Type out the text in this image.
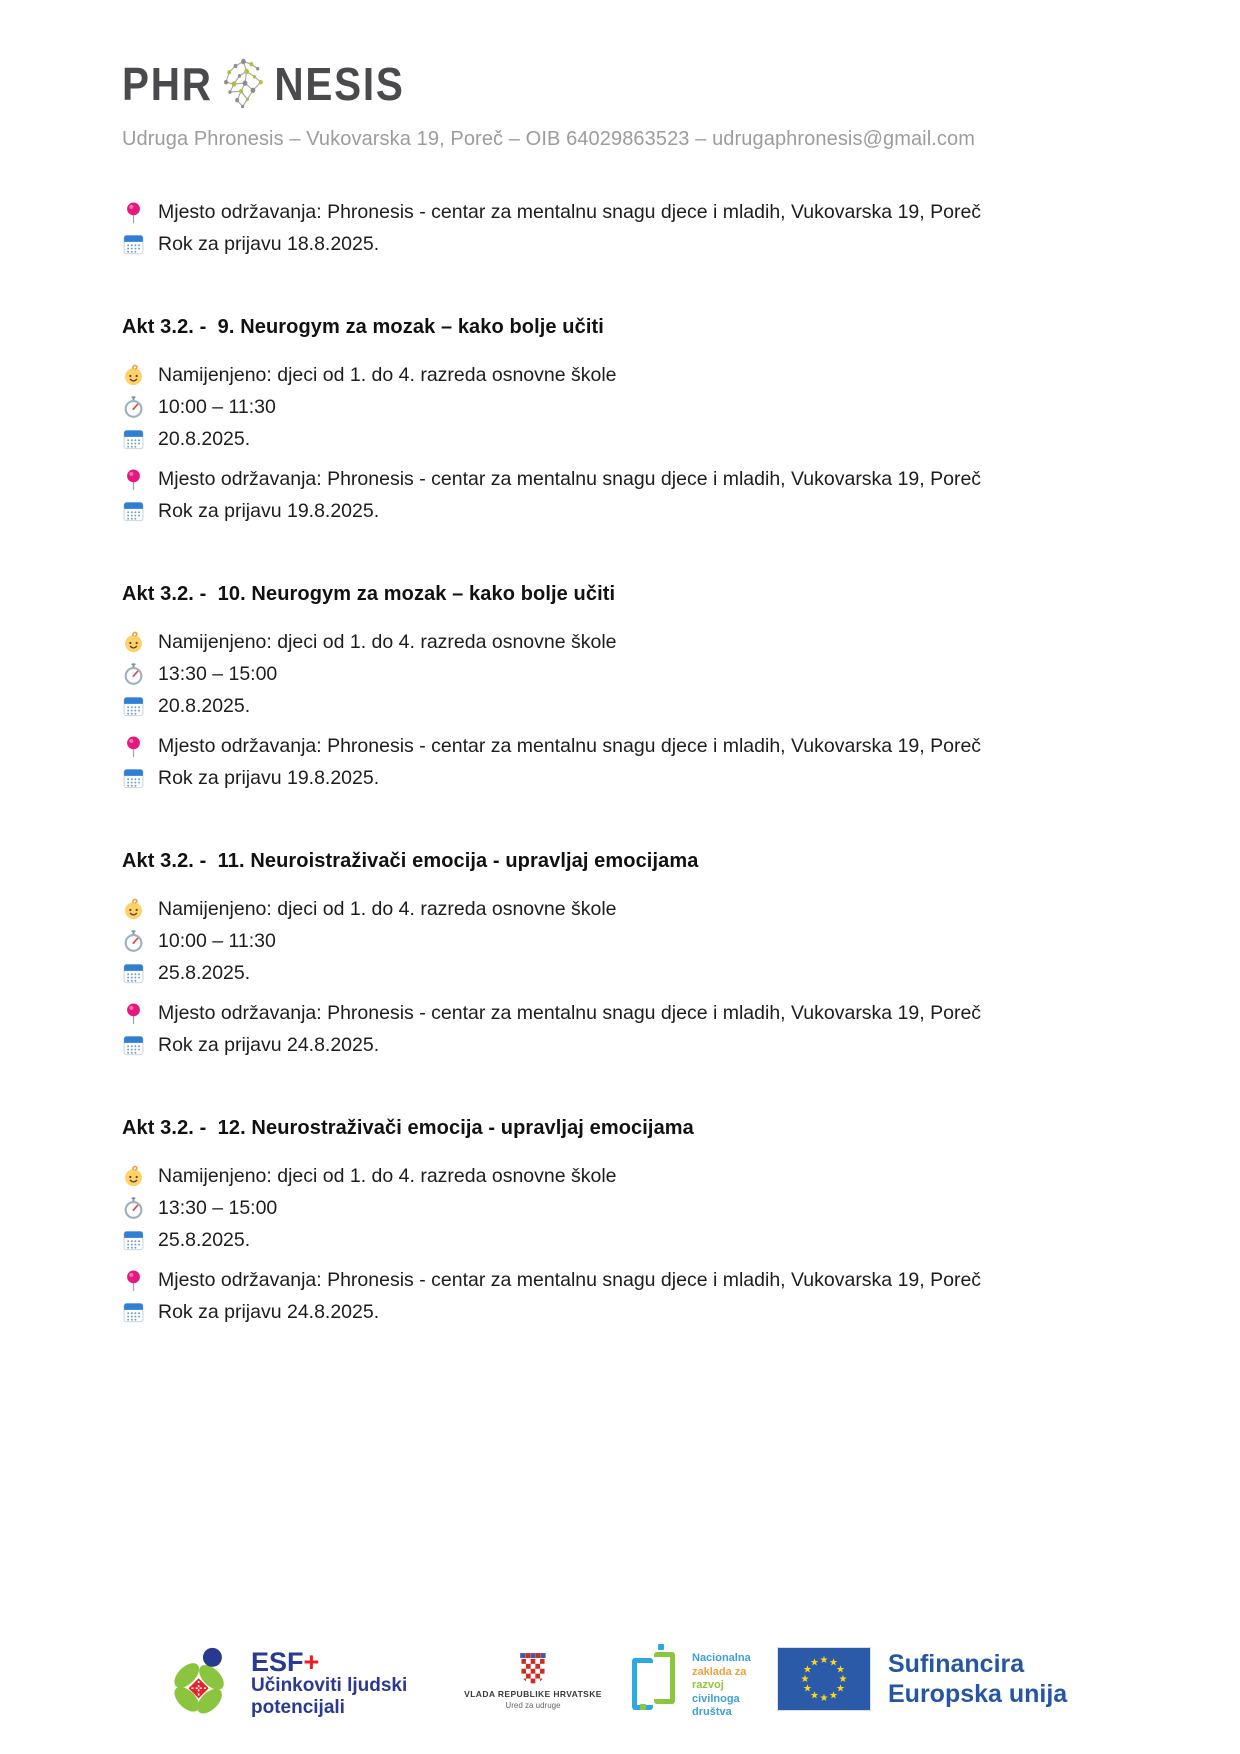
PHR NESIS
Udruga Phronesis – Vukovarska 19, Poreč – OIB 64029863523 – udrugaphronesis@gmail.com
Mjesto održavanja: Phronesis - centar za mentalnu snagu djece i mladih, Vukovarska 19, Poreč
Rok za prijavu 18.8.2025.
Akt 3.2. -  9. Neurogym za mozak – kako bolje učiti
Namijenjeno: djeci od 1. do 4. razreda osnovne škole
10:00 – 11:30
20.8.2025.
Mjesto održavanja: Phronesis - centar za mentalnu snagu djece i mladih, Vukovarska 19, Poreč
Rok za prijavu 19.8.2025.
Akt 3.2. -  10. Neurogym za mozak – kako bolje učiti
Namijenjeno: djeci od 1. do 4. razreda osnovne škole
13:30 – 15:00
20.8.2025.
Mjesto održavanja: Phronesis - centar za mentalnu snagu djece i mladih, Vukovarska 19, Poreč
Rok za prijavu 19.8.2025.
Akt 3.2. -  11. Neuroistraživači emocija - upravljaj emocijama
Namijenjeno: djeci od 1. do 4. razreda osnovne škole
10:00 – 11:30
25.8.2025.
Mjesto održavanja: Phronesis - centar za mentalnu snagu djece i mladih, Vukovarska 19, Poreč
Rok za prijavu 24.8.2025.
Akt 3.2. -  12. Neurostraživači emocija - upravljaj emocijama
Namijenjeno: djeci od 1. do 4. razreda osnovne škole
13:30 – 15:00
25.8.2025.
Mjesto održavanja: Phronesis - centar za mentalnu snagu djece i mladih, Vukovarska 19, Poreč
Rok za prijavu 24.8.2025.
ESF+
Učinkoviti ljudski
potencijali
VLADA REPUBLIKE HRVATSKE
Ured za udruge
Nacionalna
zaklada za
razvoj
civilnoga
društva
Sufinancira
Europska unija
